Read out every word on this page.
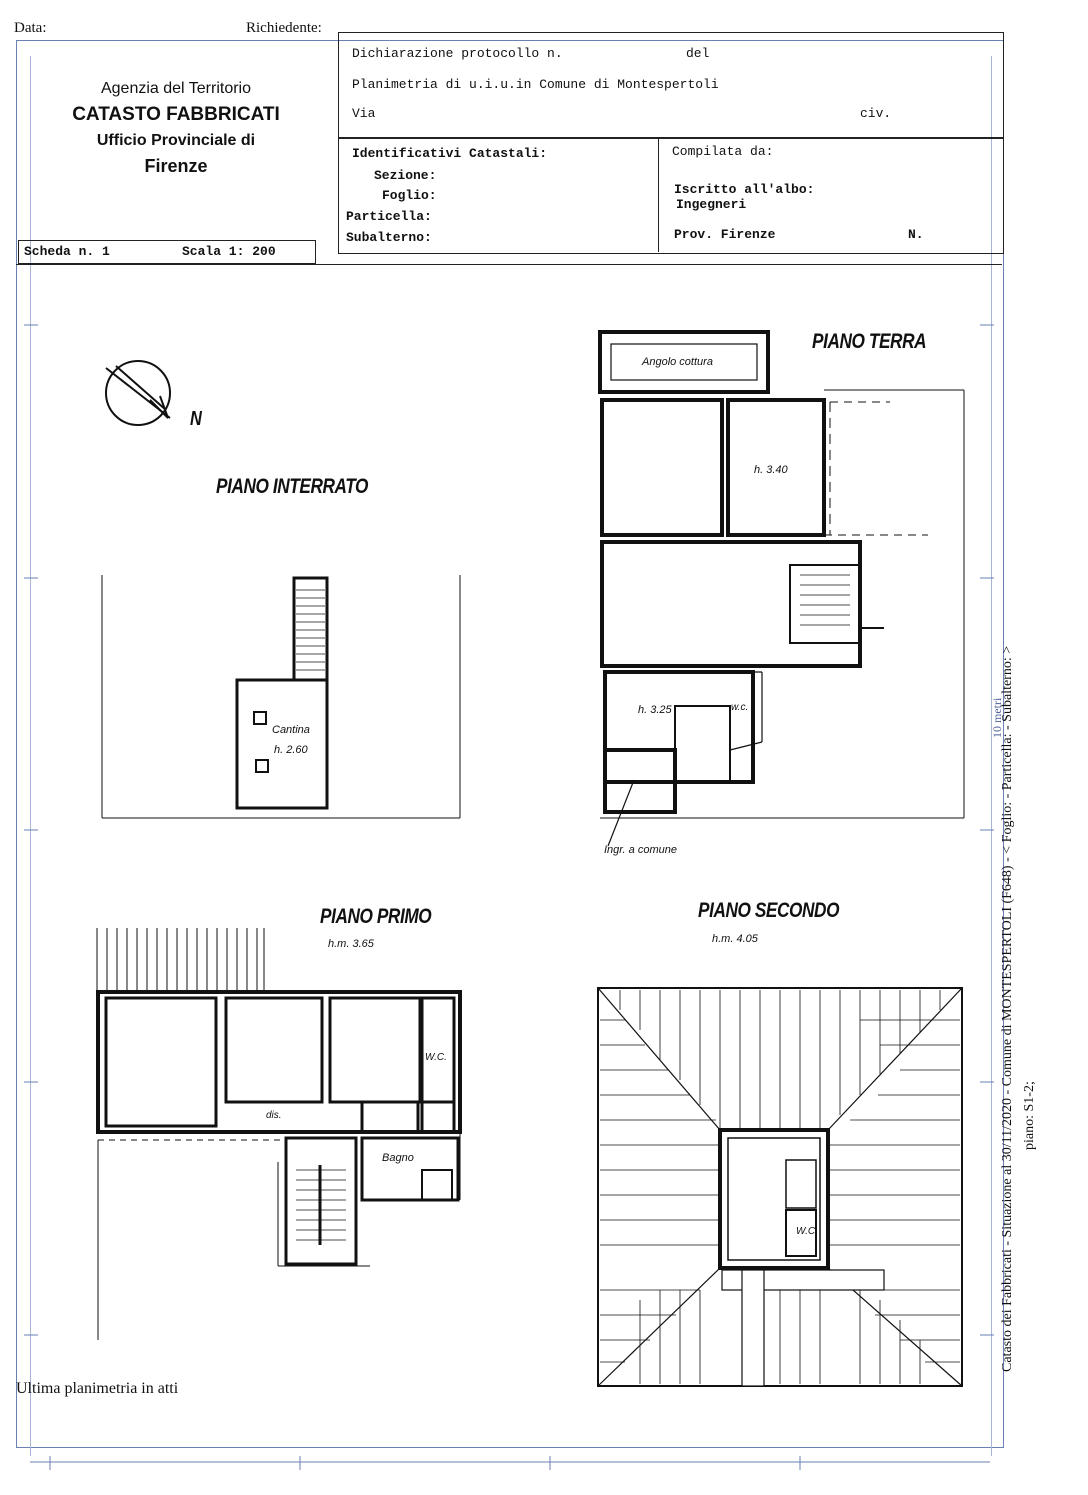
Data:	Richiedente:
Agenzia del Territorio
CATASTO FABBRICATI
Ufficio Provinciale di
Firenze
Dichiarazione protocollo n.	del
Planimetria di u.i.u.in Comune di Montespertoli
Via	civ.
Identificativi Catastali:
Sezione:
Foglio:
Particella:
Subalterno:
Compilata da:
Iscritto all'albo:
Ingegneri
Prov. Firenze	N.
Scheda n. 1	Scala 1: 200
N
PIANO INTERRATO
Cantina
h. 2.60
PIANO TERRA
Angolo cottura
h. 3.40
h. 3.25	w.c.
Ingr. a comune
PIANO PRIMO
h.m. 3.65
dis.
W.C.
Bagno
PIANO SECONDO
h.m. 4.05
W.C.
Ultima planimetria in atti
Catasto dei Fabbricati - Situazione al 30/11/2020 - Comune di MONTESPERTOLI (F648) - < Foglio: - Particella: - Subalterno: > piano: S1-2;
10 metri
